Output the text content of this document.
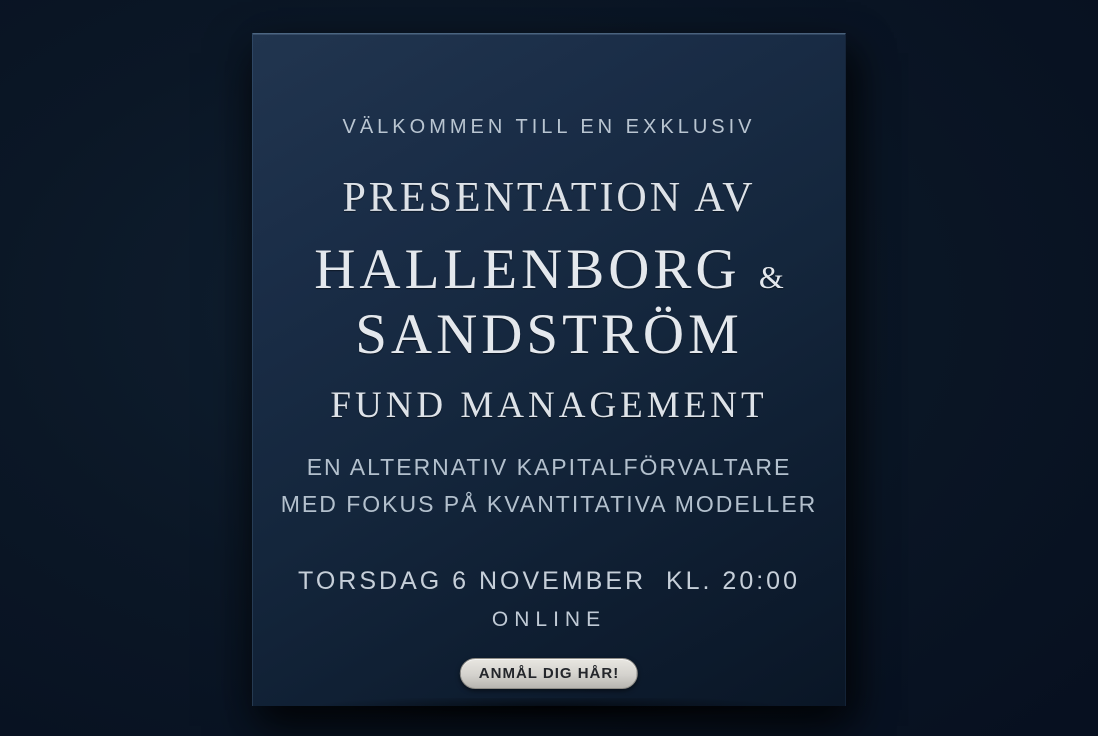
VÄLKOMMEN TILL EN EXKLUSIV
PRESENTATION AV
HALLENBORG &
SANDSTRÖM
FUND MANAGEMENT
EN ALTERNATIV KAPITALFÖRVALTARE
MED FOKUS PÅ KVANTITATIVA MODELLER
TORSDAG 6 NOVEMBER  KL. 20:00
ONLINE
ANMÅL DIG HÅR!
